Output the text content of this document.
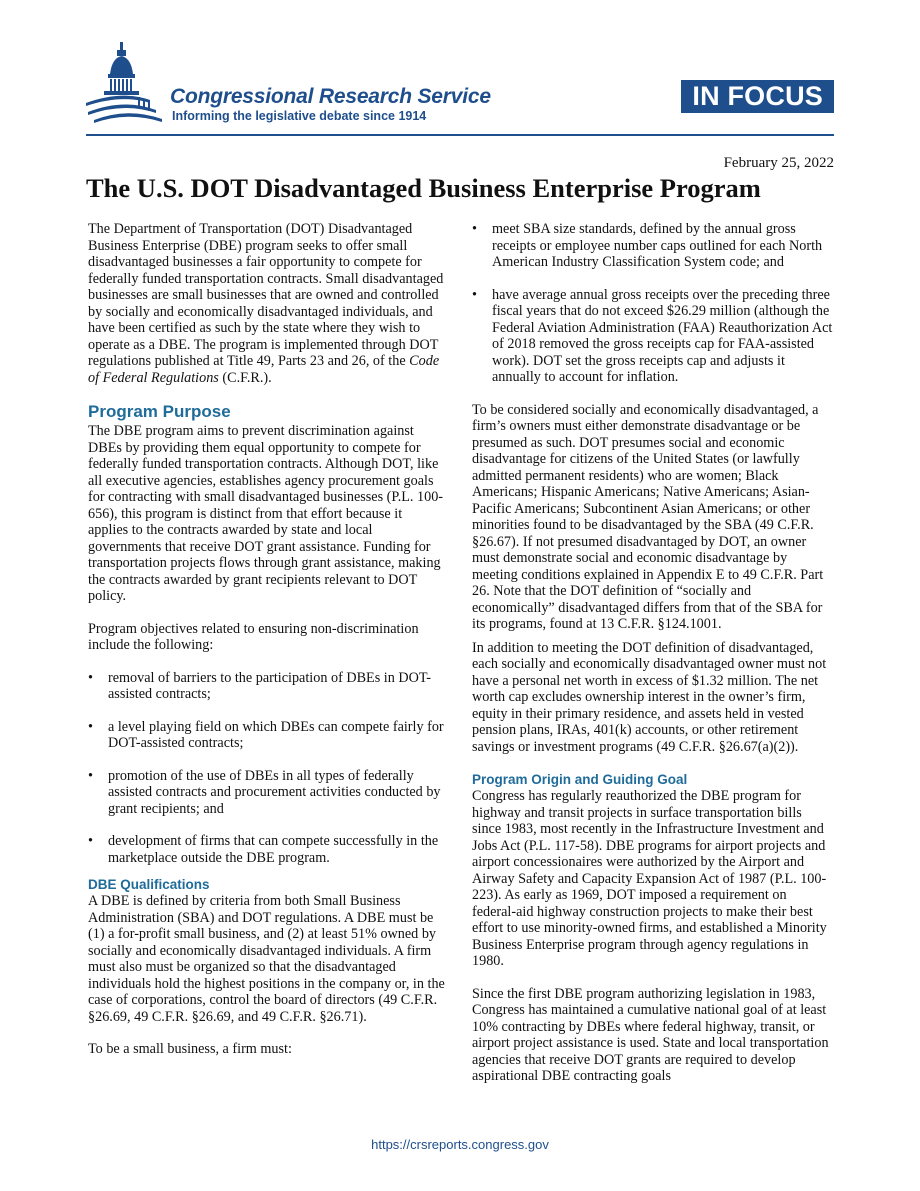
Congressional Research Service
Informing the legislative debate since 1914
IN FOCUS
February 25, 2022
The U.S. DOT Disadvantaged Business Enterprise Program

The Department of Transportation (DOT) Disadvantaged Business Enterprise (DBE) program seeks to offer small disadvantaged businesses a fair opportunity to compete for federally funded transportation contracts. Small disadvantaged businesses are small businesses that are owned and controlled by socially and economically disadvantaged individuals, and have been certified as such by the state where they wish to operate as a DBE. The program is implemented through DOT regulations published at Title 49, Parts 23 and 26, of the Code of Federal Regulations (C.F.R.).

Program Purpose

The DBE program aims to prevent discrimination against DBEs by providing them equal opportunity to compete for federally funded transportation contracts. Although DOT, like all executive agencies, establishes agency procurement goals for contracting with small disadvantaged businesses (P.L. 100-656), this program is distinct from that effort because it applies to the contracts awarded by state and local governments that receive DOT grant assistance. Funding for transportation projects flows through grant assistance, making the contracts awarded by grant recipients relevant to DOT policy.

Program objectives related to ensuring non-discrimination include the following:

• removal of barriers to the participation of DBEs in DOT-assisted contracts;
• a level playing field on which DBEs can compete fairly for DOT-assisted contracts;
• promotion of the use of DBEs in all types of federally assisted contracts and procurement activities conducted by grant recipients; and
• development of firms that can compete successfully in the marketplace outside the DBE program.
DBE Qualifications

A DBE is defined by criteria from both Small Business Administration (SBA) and DOT regulations. A DBE must be (1) a for-profit small business, and (2) at least 51% owned by socially and economically disadvantaged individuals. A firm must also must be organized so that the disadvantaged individuals hold the highest positions in the company or, in the case of corporations, control the board of directors (49 C.F.R. §26.69, 49 C.F.R. §26.69, and 49 C.F.R. §26.71).

To be a small business, a firm must:

• meet SBA size standards, defined by the annual gross receipts or employee number caps outlined for each North American Industry Classification System code; and
• have average annual gross receipts over the preceding three fiscal years that do not exceed $26.29 million (although the Federal Aviation Administration (FAA) Reauthorization Act of 2018 removed the gross receipts cap for FAA-assisted work). DOT set the gross receipts cap and adjusts it annually to account for inflation.

To be considered socially and economically disadvantaged, a firm’s owners must either demonstrate disadvantage or be presumed as such. DOT presumes social and economic disadvantage for citizens of the United States (or lawfully admitted permanent residents) who are women; Black Americans; Hispanic Americans; Native Americans; Asian-Pacific Americans; Subcontinent Asian Americans; or other minorities found to be disadvantaged by the SBA (49 C.F.R. §26.67). If not presumed disadvantaged by DOT, an owner must demonstrate social and economic disadvantage by meeting conditions explained in Appendix E to 49 C.F.R. Part 26. Note that the DOT definition of “socially and economically” disadvantaged differs from that of the SBA for its programs, found at 13 C.F.R. §124.1001.

In addition to meeting the DOT definition of disadvantaged, each socially and economically disadvantaged owner must not have a personal net worth in excess of $1.32 million. The net worth cap excludes ownership interest in the owner’s firm, equity in their primary residence, and assets held in vested pension plans, IRAs, 401(k) accounts, or other retirement savings or investment programs (49 C.F.R. §26.67(a)(2)).

Program Origin and Guiding Goal

Congress has regularly reauthorized the DBE program for highway and transit projects in surface transportation bills since 1983, most recently in the Infrastructure Investment and Jobs Act (P.L. 117-58). DBE programs for airport projects and airport concessionaires were authorized by the Airport and Airway Safety and Capacity Expansion Act of 1987 (P.L. 100-223). As early as 1969, DOT imposed a requirement on federal-aid highway construction projects to make their best effort to use minority-owned firms, and established a Minority Business Enterprise program through agency regulations in 1980.

Since the first DBE program authorizing legislation in 1983, Congress has maintained a cumulative national goal of at least 10% contracting by DBEs where federal highway, transit, or airport project assistance is used. State and local transportation agencies that receive DOT grants are required to develop aspirational DBE contracting goals

https://crsreports.congress.gov
